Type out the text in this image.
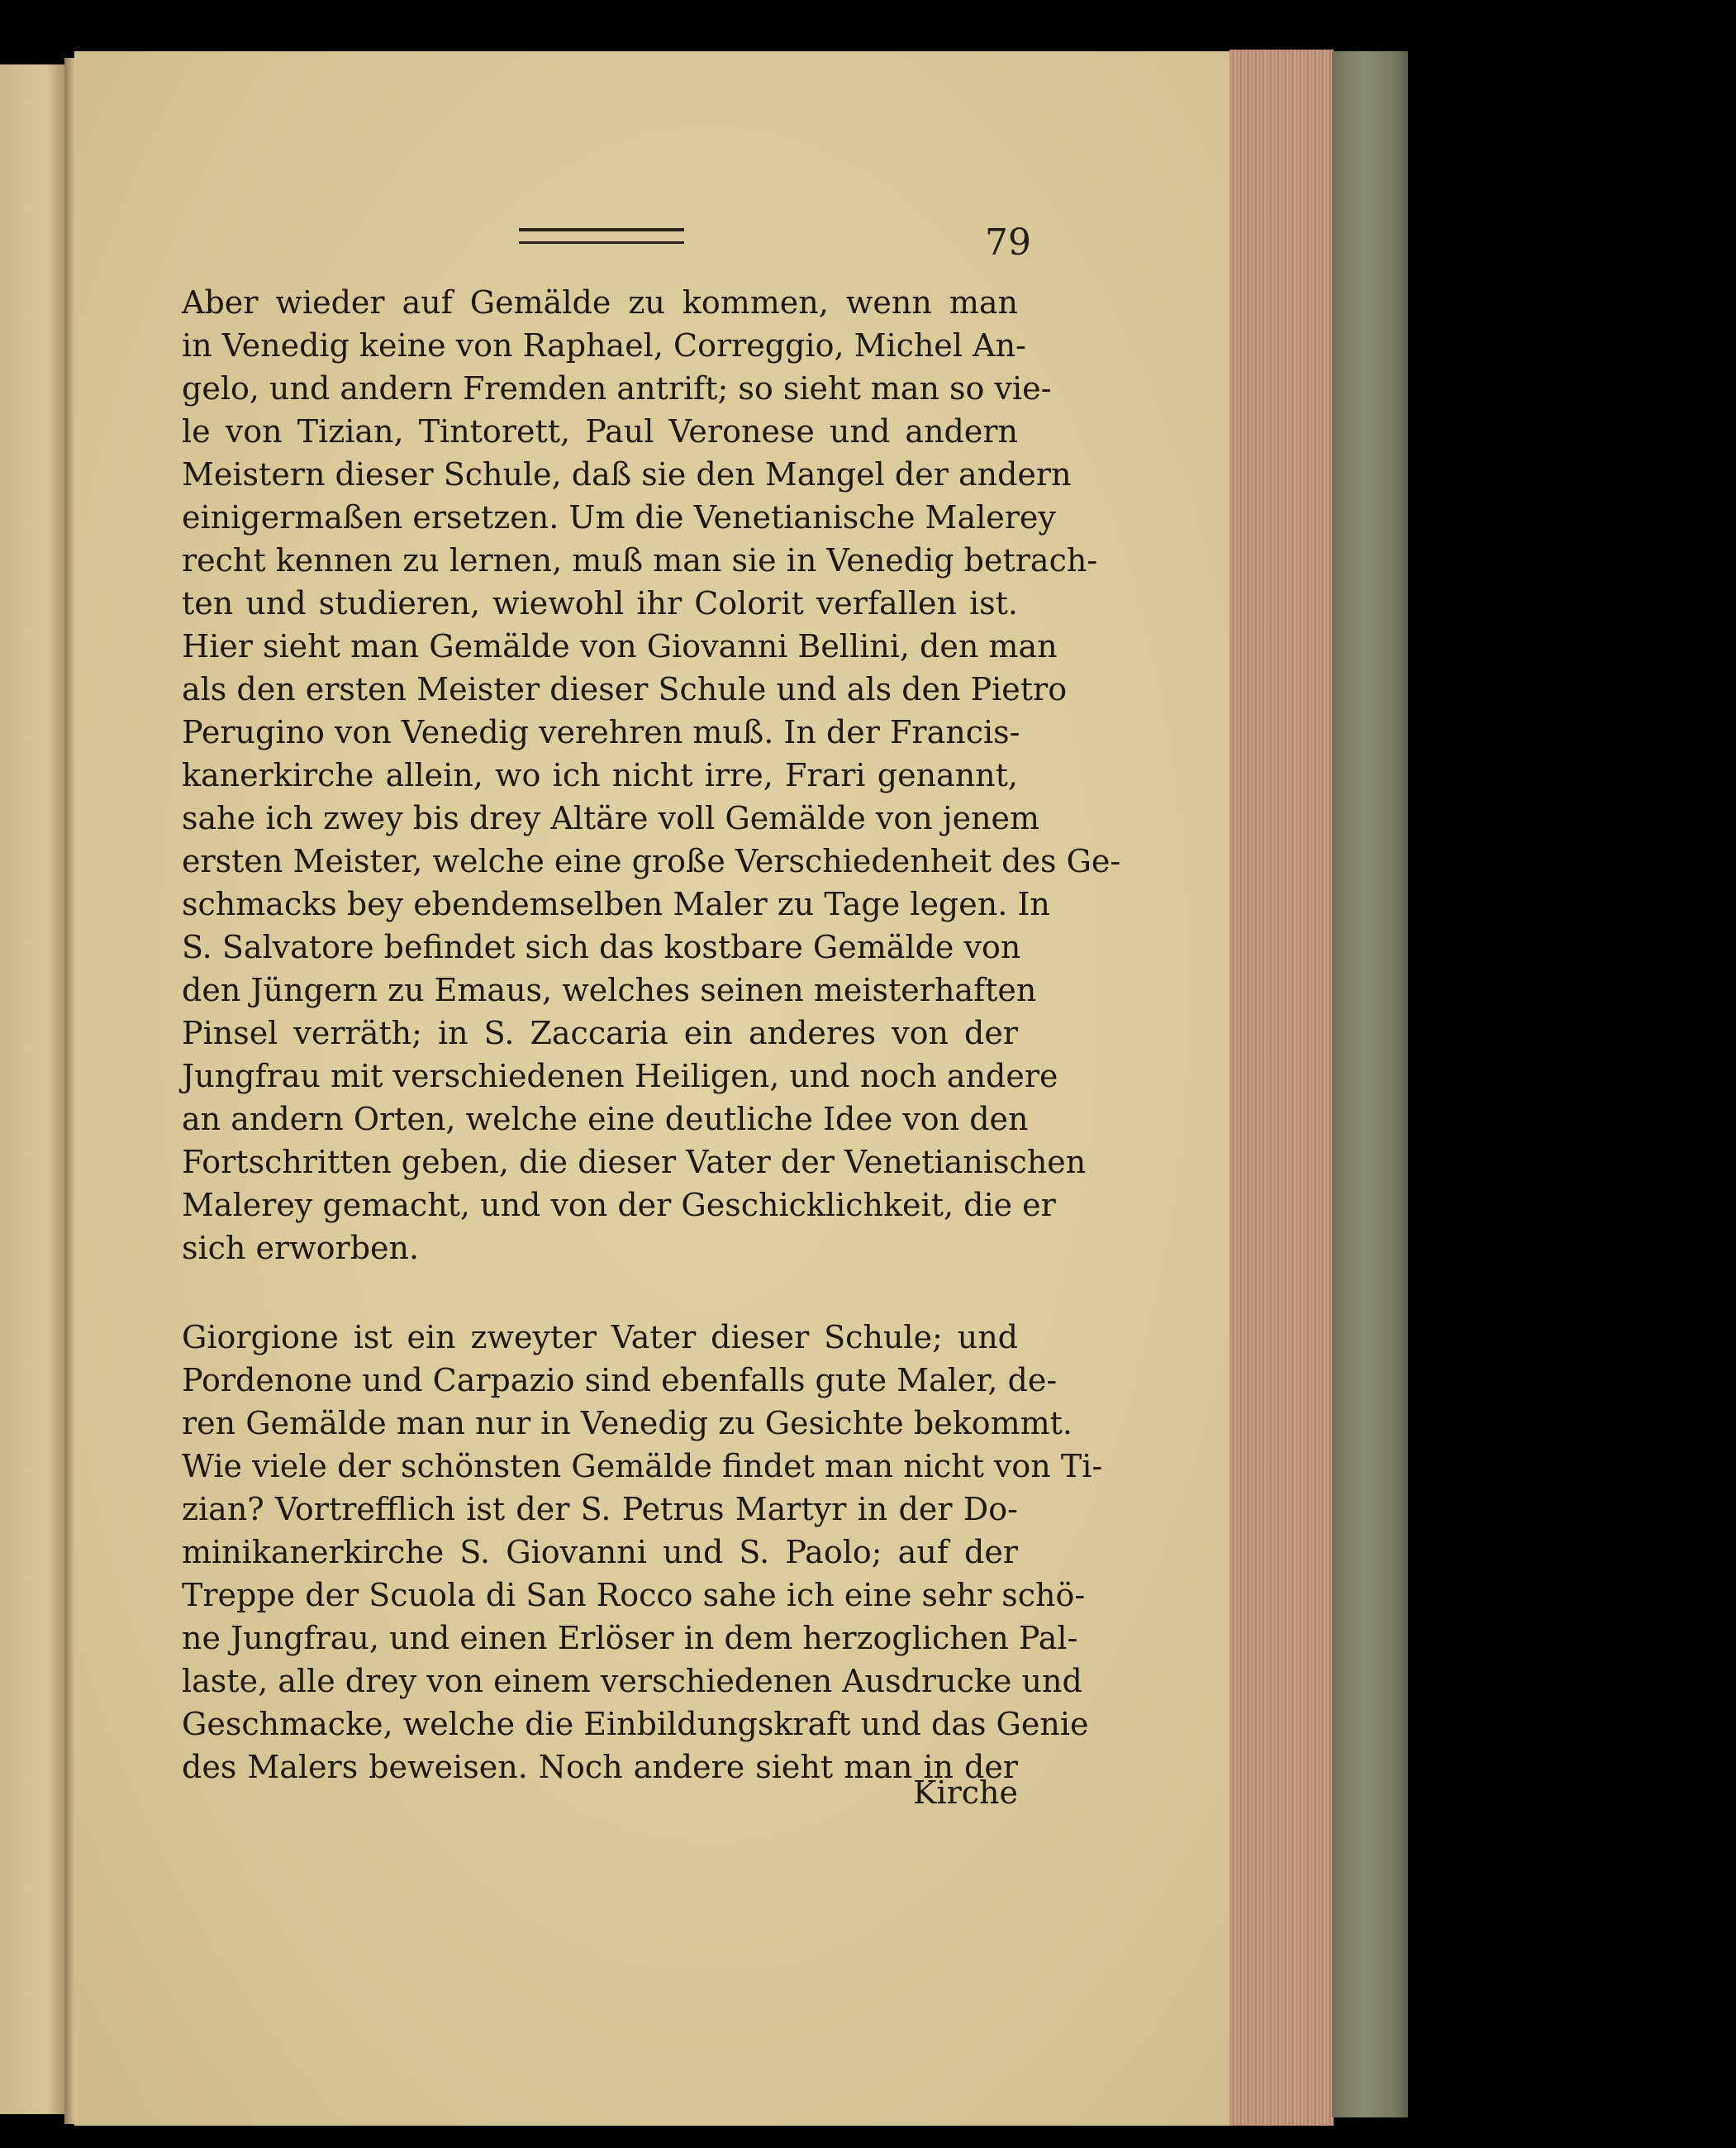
79
Aber wieder auf Gemälde zu kommen, wenn man
in Venedig keine von Raphael, Correggio, Michel An-
gelo, und andern Fremden antrift; so sieht man so vie-
le von Tizian, Tintorett, Paul Veronese und andern
Meistern dieser Schule, daß sie den Mangel der andern
einigermaßen ersetzen. Um die Venetianische Malerey
recht kennen zu lernen, muß man sie in Venedig betrach-
ten und studieren, wiewohl ihr Colorit verfallen ist.
Hier sieht man Gemälde von Giovanni Bellini, den man
als den ersten Meister dieser Schule und als den Pietro
Perugino von Venedig verehren muß. In der Francis-
kanerkirche allein, wo ich nicht irre, Frari genannt,
sahe ich zwey bis drey Altäre voll Gemälde von jenem
ersten Meister, welche eine große Verschiedenheit des Ge-
schmacks bey ebendemselben Maler zu Tage legen. In
S. Salvatore befindet sich das kostbare Gemälde von
den Jüngern zu Emaus, welches seinen meisterhaften
Pinsel verräth; in S. Zaccaria ein anderes von der
Jungfrau mit verschiedenen Heiligen, und noch andere
an andern Orten, welche eine deutliche Idee von den
Fortschritten geben, die dieser Vater der Venetianischen
Malerey gemacht, und von der Geschicklichkeit, die er
sich erworben.
Giorgione ist ein zweyter Vater dieser Schule; und
Pordenone und Carpazio sind ebenfalls gute Maler, de-
ren Gemälde man nur in Venedig zu Gesichte bekommt.
Wie viele der schönsten Gemälde findet man nicht von Ti-
zian? Vortrefflich ist der S. Petrus Martyr in der Do-
minikanerkirche S. Giovanni und S. Paolo; auf der
Treppe der Scuola di San Rocco sahe ich eine sehr schö-
ne Jungfrau, und einen Erlöser in dem herzoglichen Pal-
laste, alle drey von einem verschiedenen Ausdrucke und
Geschmacke, welche die Einbildungskraft und das Genie
des Malers beweisen. Noch andere sieht man in der
Kirche
